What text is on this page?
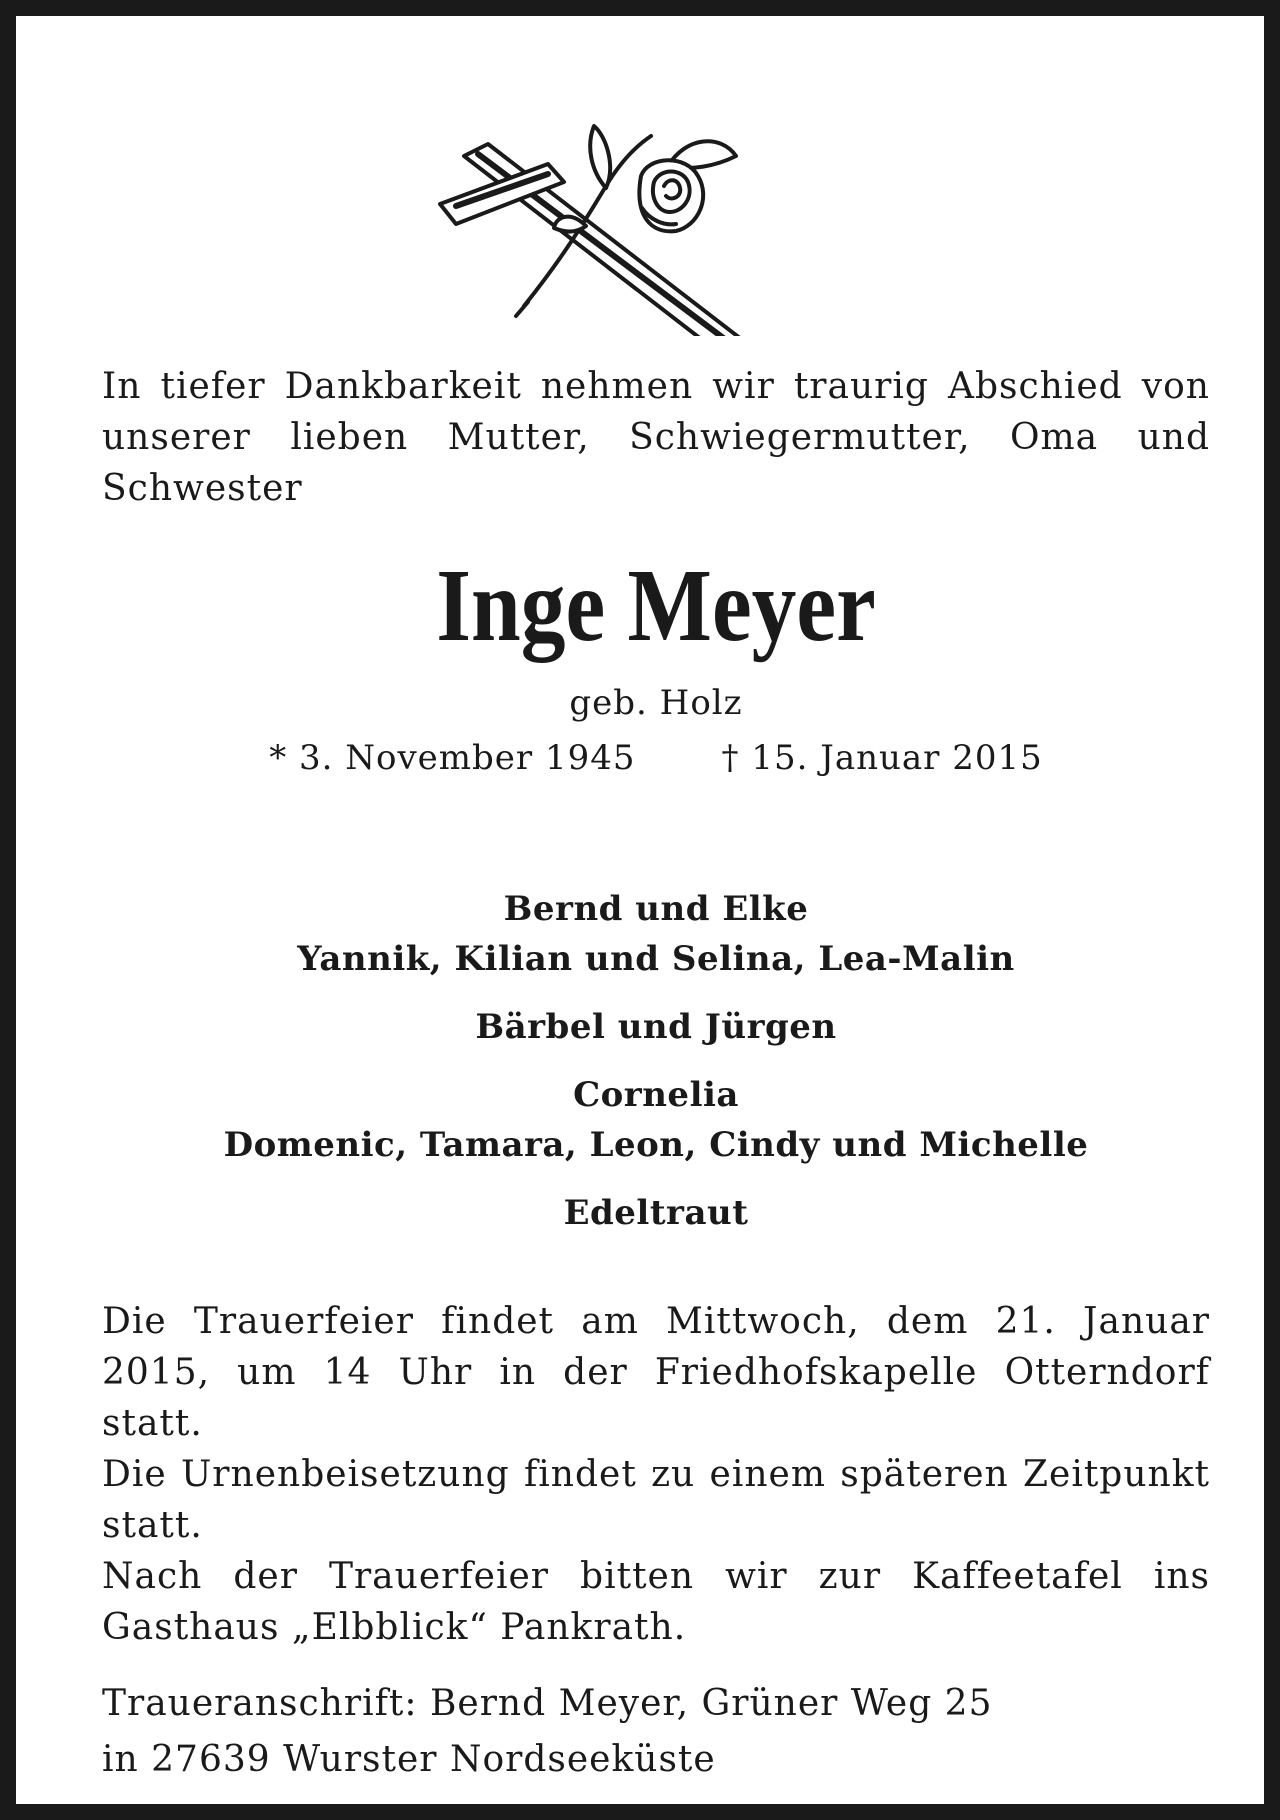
In tiefer Dankbarkeit nehmen wir traurig Abschied von unserer lieben Mutter, Schwiegermutter, Oma und Schwester
Inge Meyer
geb. Holz
* 3. November 1945	† 15. Januar 2015
Bernd und Elke
Yannik, Kilian und Selina, Lea-Malin
Bärbel und Jürgen
Cornelia
Domenic, Tamara, Leon, Cindy und Michelle
Edeltraut

Die Trauerfeier findet am Mittwoch, dem 21. Januar 2015, um 14 Uhr in der Friedhofskapelle Otterndorf statt.

Die Urnenbeisetzung findet zu einem späteren Zeitpunkt statt.

Nach der Trauerfeier bitten wir zur Kaffeetafel ins Gasthaus „Elbblick“ Pankrath.

Traueranschrift: Bernd Meyer, Grüner Weg 25
in 27639 Wurster Nordseeküste
